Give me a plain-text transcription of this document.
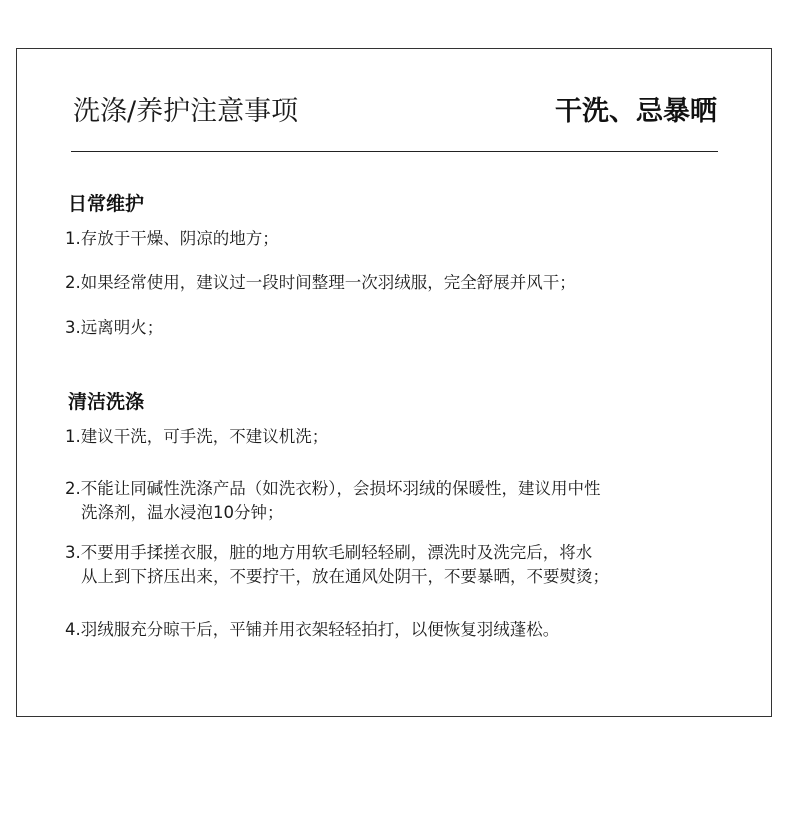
洗涤/养护注意事项	干洗、忌暴晒
日常维护
1.存放于干燥、阴凉的地方；
2.如果经常使用，建议过一段时间整理一次羽绒服，完全舒展并风干；
3.远离明火；
清洁洗涤
1.建议干洗，可手洗，不建议机洗；
2.不能让同碱性洗涤产品（如洗衣粉），会损坏羽绒的保暖性，建议用中性
洗涤剂，温水浸泡10分钟；
3.不要用手揉搓衣服，脏的地方用软毛刷轻轻刷，漂洗时及洗完后，将水
从上到下挤压出来，不要拧干，放在通风处阴干，不要暴晒，不要熨烫；
4.羽绒服充分晾干后，平铺并用衣架轻轻拍打，以便恢复羽绒蓬松。
